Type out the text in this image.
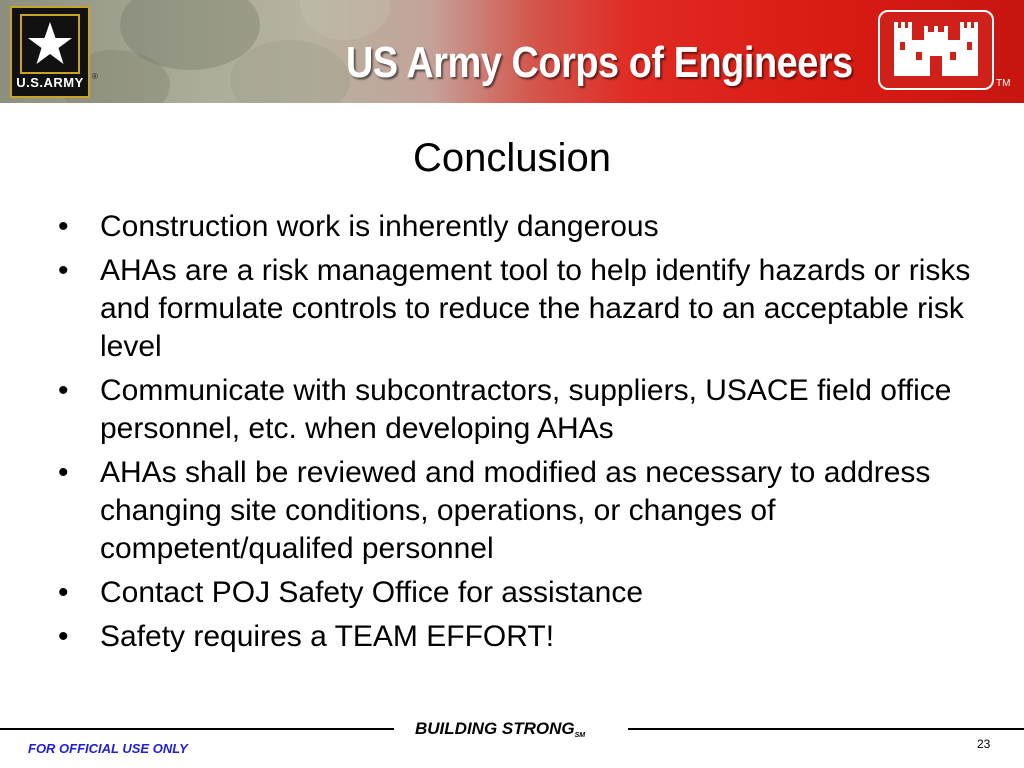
U.S.ARMY	®	US Army Corps of Engineers	TM
Conclusion
•	Construction work is inherently dangerous
•	AHAs are a risk management tool to help identify hazards or risks and formulate controls to reduce the hazard to an acceptable risk level
•	Communicate with subcontractors, suppliers, USACE field office personnel, etc. when developing AHAs
•	AHAs shall be reviewed and modified as necessary to address changing site conditions, operations, or changes of competent/qualifed personnel
•	Contact POJ Safety Office for assistance
•	Safety requires a TEAM EFFORT!
BUILDING STRONGSM
FOR OFFICIAL USE ONLY	23
